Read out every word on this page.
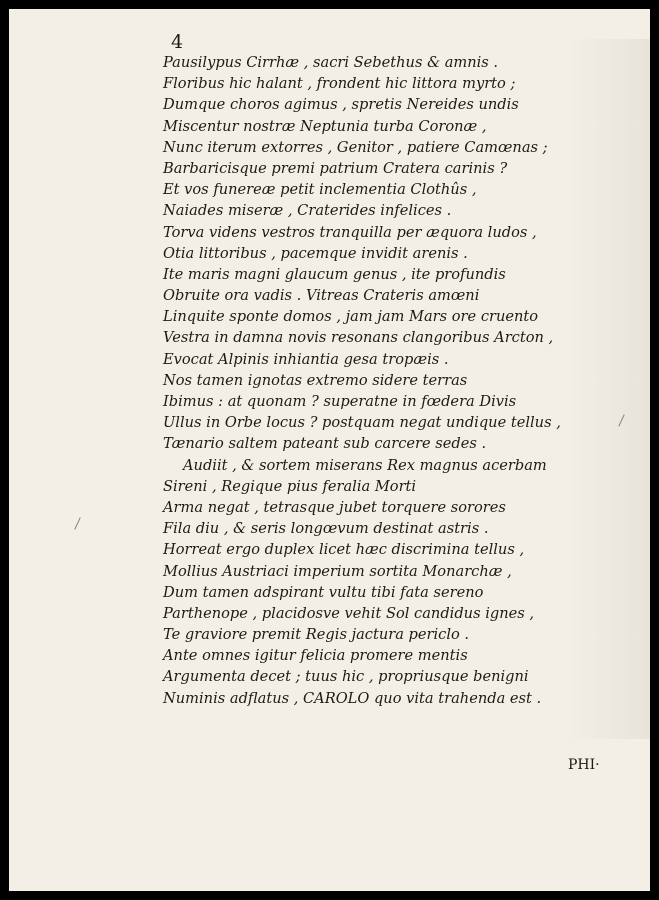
4
Pausilypus Cirrhæ , sacri Sebethus & amnis .
Floribus hic halant , frondent hic littora myrto ;
Dumque choros agimus , spretis Nereides undis
Miscentur nostræ Neptunia turba Coronæ ,
Nunc iterum extorres , Genitor , patiere Camœnas ;
Barbaricisque premi patrium Cratera carinis ?
Et vos funereæ petit inclementia Clothûs ,
Naiades miseræ , Craterides infelices .
Torva videns vestros tranquilla per æquora ludos ,
Otia littoribus , pacemque invidit arenis .
Ite maris magni glaucum genus , ite profundis
Obruite ora vadis . Vitreas Crateris amœni
Linquite sponte domos , jam jam Mars ore cruento
Vestra in damna novis resonans clangoribus Arcton ,
Evocat Alpinis inhiantia gesa tropæis .
Nos tamen ignotas extremo sidere terras
Ibimus : at quonam ? superatne in fœdera Divis
Ullus in Orbe locus ? postquam negat undique tellus ,
Tænario saltem pateant sub carcere sedes .
Audiit , & sortem miserans Rex magnus acerbam
Sireni , Regique pius feralia Morti
Arma negat , tetrasque jubet torquere sorores
Fila diu , & seris longœvum destinat astris .
Horreat ergo duplex licet hæc discrimina tellus ,
Mollius Austriaci imperium sortita Monarchæ ,
Dum tamen adspirant vultu tibi fata sereno
Parthenope , placidosve vehit Sol candidus ignes ,
Te graviore premit Regis jactura periclo .
Ante omnes igitur felicia promere mentis
Argumenta decet ; tuus hic , propriusque benigni
Numinis adflatus , CAROLO quo vita trahenda est .
PHI·
